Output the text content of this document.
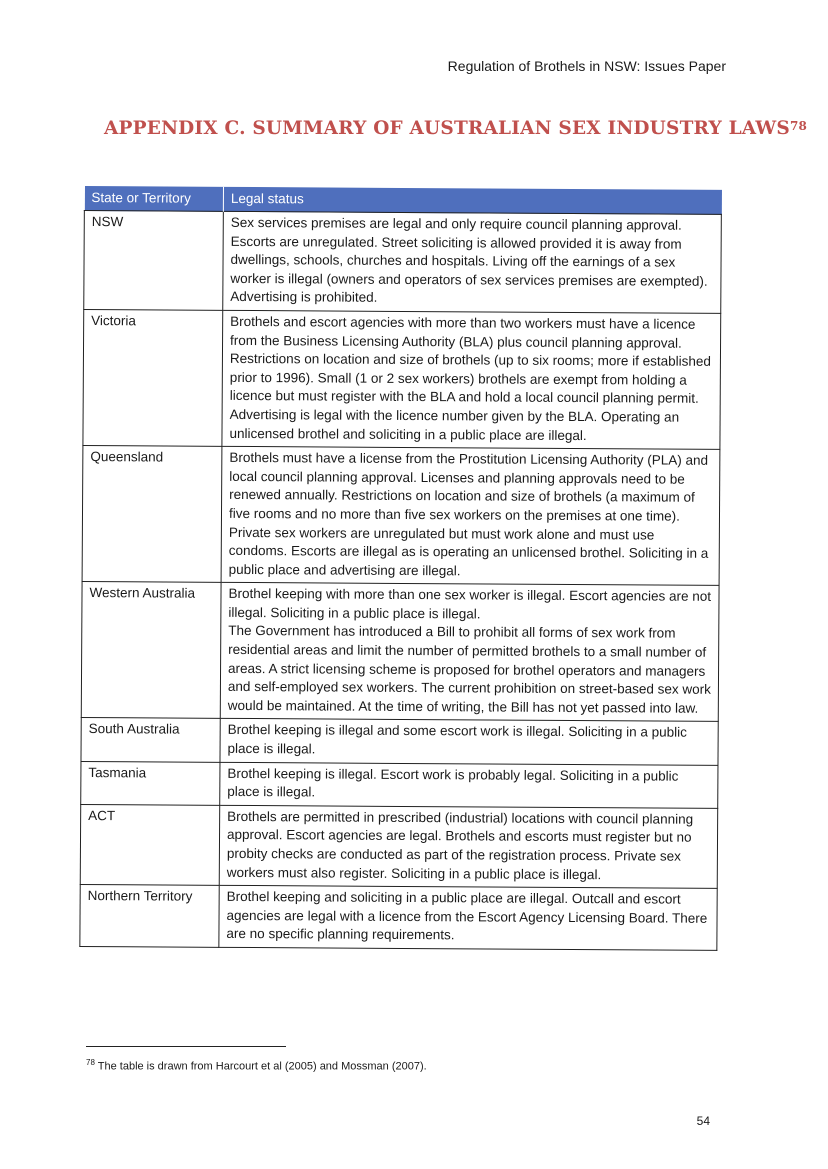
Regulation of Brothels in NSW: Issues Paper
APPENDIX C. SUMMARY OF AUSTRALIAN SEX INDUSTRY LAWS$^{78}$
State or Territory	Legal status
NSW	Sex services premises are legal and only require council planning approval. Escorts are unregulated. Street soliciting is allowed provided it is away from dwellings, schools, churches and hospitals. Living off the earnings of a sex worker is illegal (owners and operators of sex services premises are exempted). Advertising is prohibited.
Victoria	Brothels and escort agencies with more than two workers must have a licence from the Business Licensing Authority (BLA) plus council planning approval. Restrictions on location and size of brothels (up to six rooms; more if established prior to 1996). Small (1 or 2 sex workers) brothels are exempt from holding a licence but must register with the BLA and hold a local council planning permit. Advertising is legal with the licence number given by the BLA. Operating an unlicensed brothel and soliciting in a public place are illegal.
Queensland	Brothels must have a license from the Prostitution Licensing Authority (PLA) and local council planning approval. Licenses and planning approvals need to be renewed annually. Restrictions on location and size of brothels (a maximum of five rooms and no more than five sex workers on the premises at one time). Private sex workers are unregulated but must work alone and must use condoms. Escorts are illegal as is operating an unlicensed brothel. Soliciting in a public place and advertising are illegal.
Western Australia	Brothel keeping with more than one sex worker is illegal. Escort agencies are not illegal. Soliciting in a public place is illegal.
The Government has introduced a Bill to prohibit all forms of sex work from residential areas and limit the number of permitted brothels to a small number of areas. A strict licensing scheme is proposed for brothel operators and managers and self-employed sex workers. The current prohibition on street-based sex work would be maintained. At the time of writing, the Bill has not yet passed into law.

South Australia	Brothel keeping is illegal and some escort work is illegal. Soliciting in a public place is illegal.
Tasmania	Brothel keeping is illegal. Escort work is probably legal. Soliciting in a public place is illegal.
ACT	Brothels are permitted in prescribed (industrial) locations with council planning approval. Escort agencies are legal. Brothels and escorts must register but no probity checks are conducted as part of the registration process. Private sex workers must also register. Soliciting in a public place is illegal.
Northern Territory	Brothel keeping and soliciting in a public place are illegal. Outcall and escort agencies are legal with a licence from the Escort Agency Licensing Board. There are no specific planning requirements.
$^{78}$ The table is drawn from Harcourt et al (2005) and Mossman (2007).
54
